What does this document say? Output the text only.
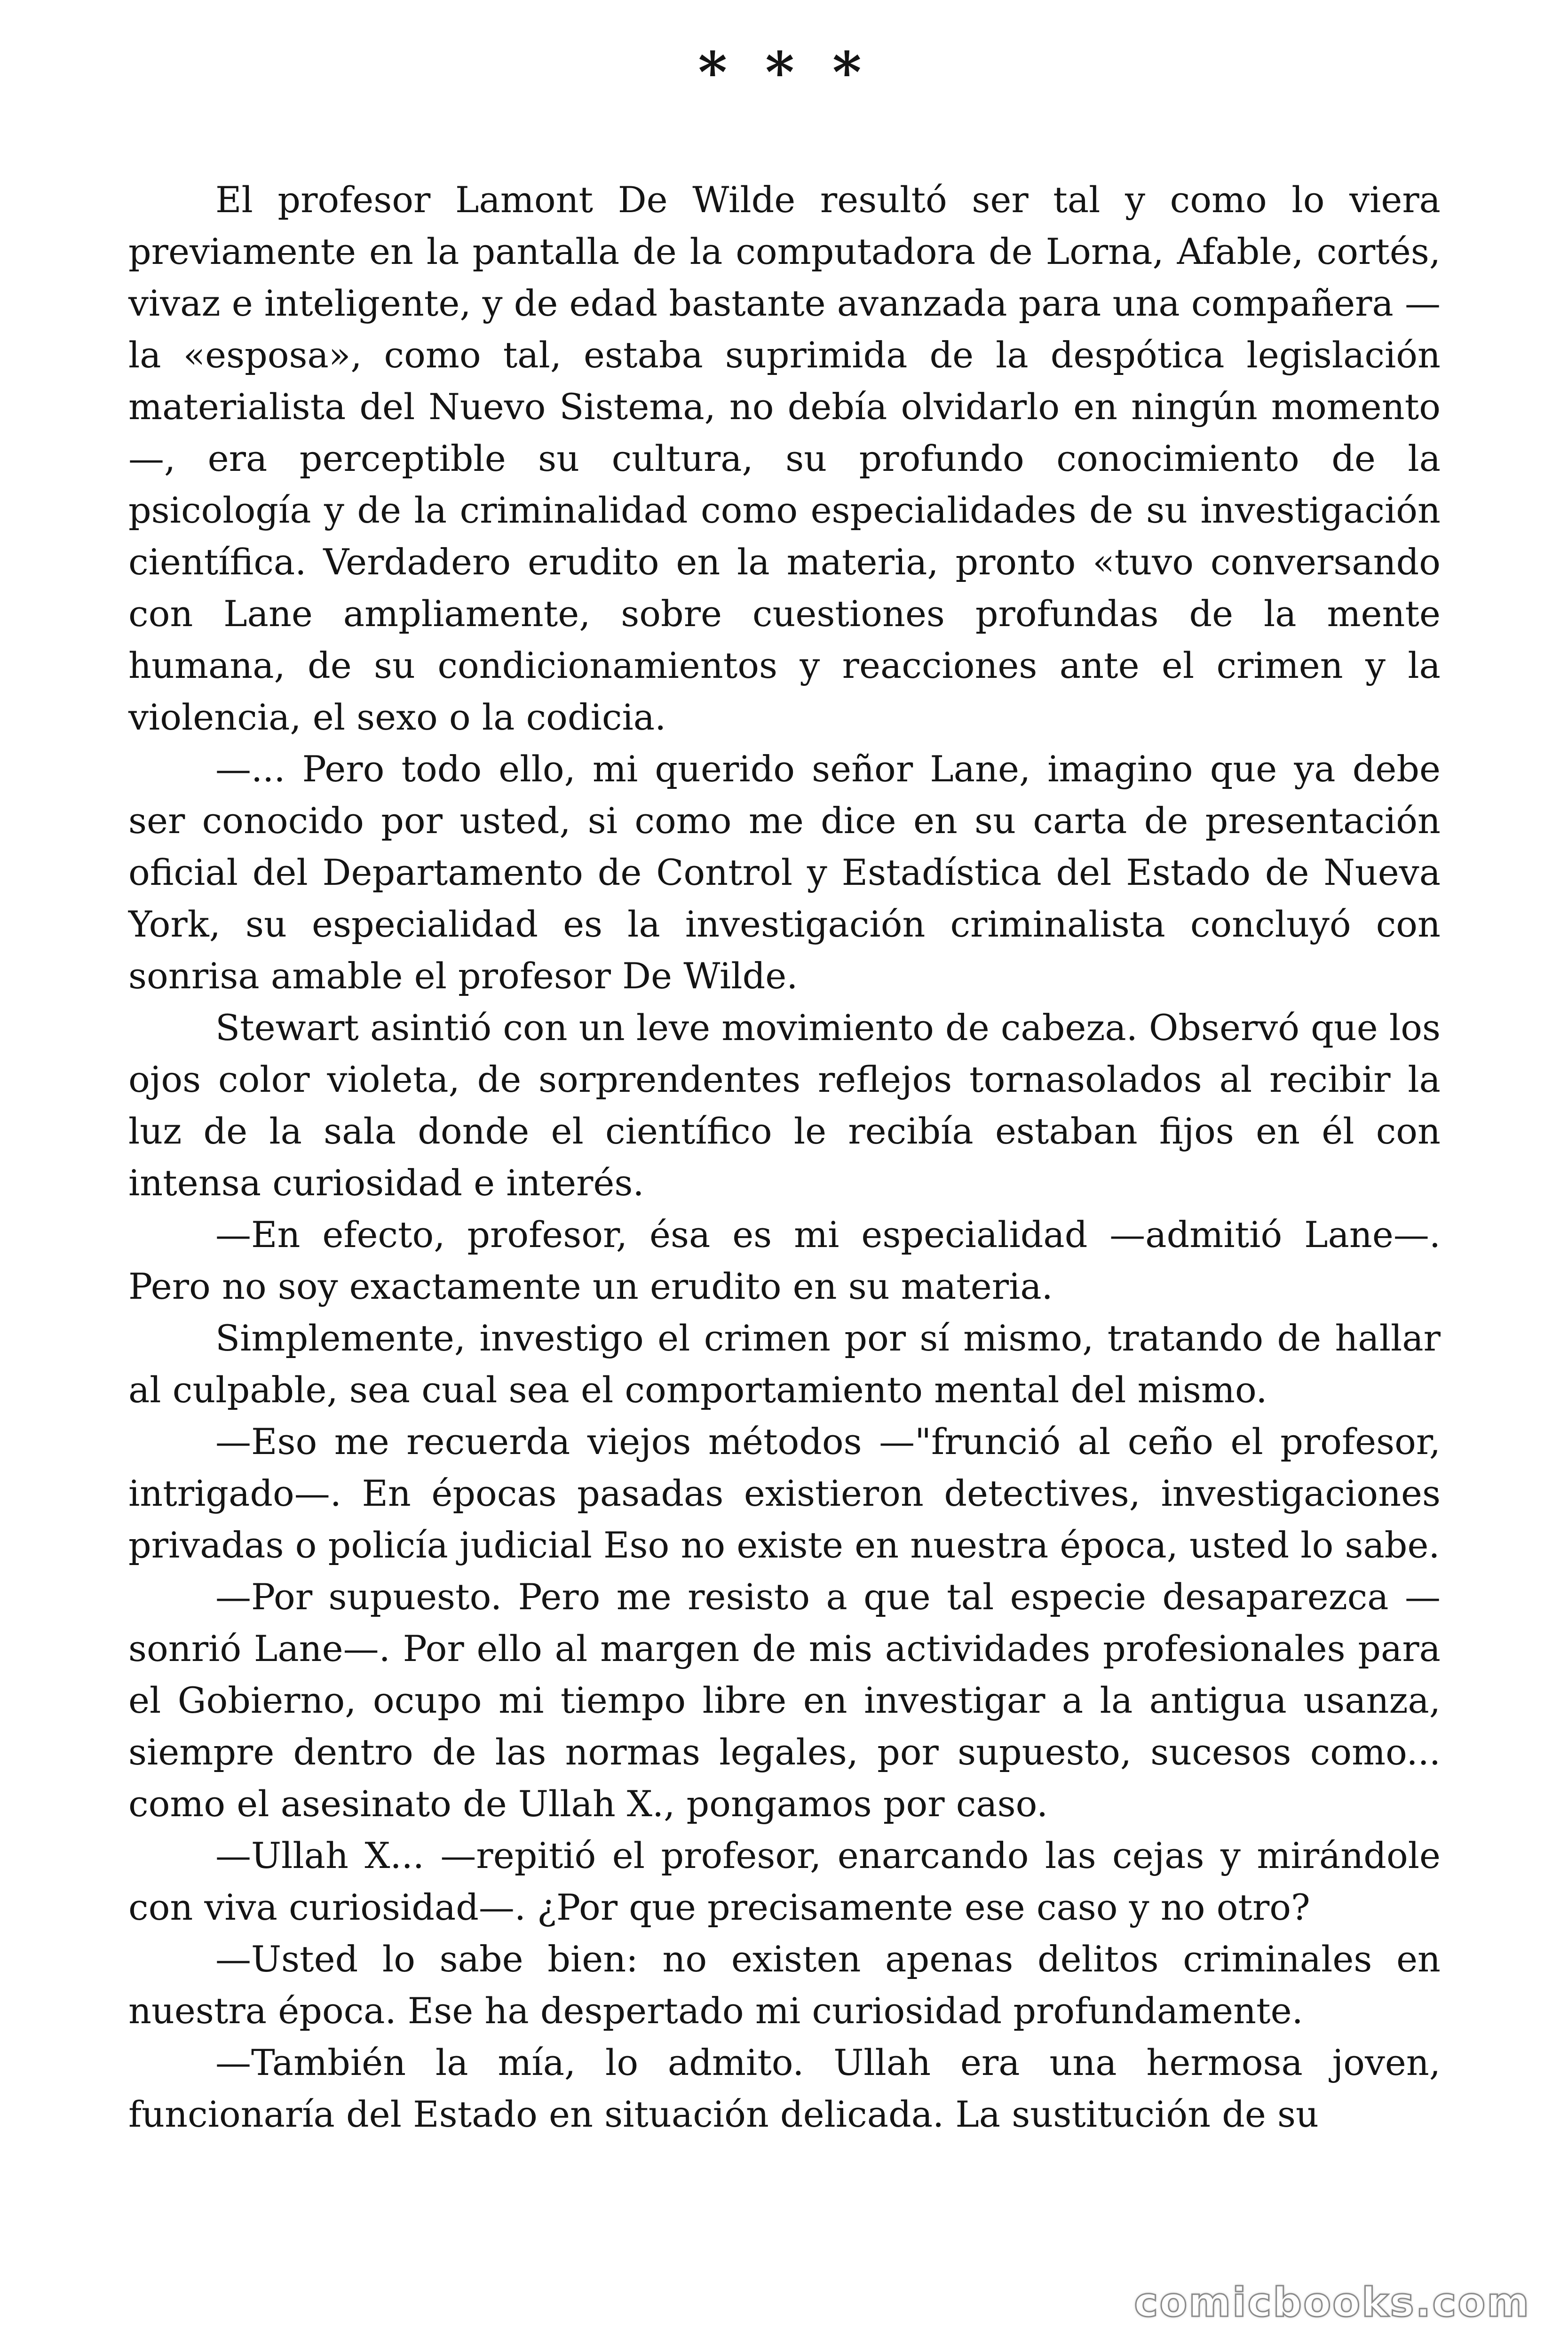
* * *

El profesor Lamont De Wilde resultó ser tal y como lo viera previamente en la pantalla de la computadora de Lorna, Afable, cortés, vivaz e inteligente, y de edad bastante avanzada para una compañera —la «esposa», como tal, estaba suprimida de la despótica legislación materialista del Nuevo Sistema, no debía olvidarlo en ningún momento—, era perceptible su cultura, su profundo conocimiento de la psicología y de la criminalidad como especialidades de su investigación científica. Verdadero erudito en la materia, pronto «tuvo conversando con Lane ampliamente, sobre cuestiones profundas de la mente humana, de su condicionamientos y reacciones ante el crimen y la violencia, el sexo o la codicia.

—... Pero todo ello, mi querido señor Lane, imagino que ya debe ser conocido por usted, si como me dice en su carta de presentación oficial del Departamento de Control y Estadística del Estado de Nueva York, su especialidad es la investigación criminalista concluyó con sonrisa amable el profesor De Wilde.

Stewart asintió con un leve movimiento de cabeza. Observó que los ojos color violeta, de sorprendentes reflejos tornasolados al recibir la luz de la sala donde el científico le recibía estaban fijos en él con intensa curiosidad e interés.

—En efecto, profesor, ésa es mi especialidad —admitió Lane—. Pero no soy exactamente un erudito en su materia.

Simplemente, investigo el crimen por sí mismo, tratando de hallar al culpable, sea cual sea el comportamiento mental del mismo.

—Eso me recuerda viejos métodos —"frunció al ceño el profesor, intrigado—. En épocas pasadas existieron detectives, investigaciones privadas o policía judicial Eso no existe en nuestra época, usted lo sabe.

—Por supuesto. Pero me resisto a que tal especie desaparezca —sonrió Lane—. Por ello al margen de mis actividades profesionales para el Gobierno, ocupo mi tiempo libre en investigar a la antigua usanza, siempre dentro de las normas legales, por supuesto, sucesos como... como el asesinato de Ullah X., pongamos por caso.

—Ullah X... —repitió el profesor, enarcando las cejas y mirándole con viva curiosidad—. ¿Por que precisamente ese caso y no otro?

—Usted lo sabe bien: no existen apenas delitos criminales en nuestra época. Ese ha despertado mi curiosidad profundamente.

—También la mía, lo admito. Ullah era una hermosa joven, funcionaría del Estado en situación delicada. La sustitución de su

comicbooks.com
